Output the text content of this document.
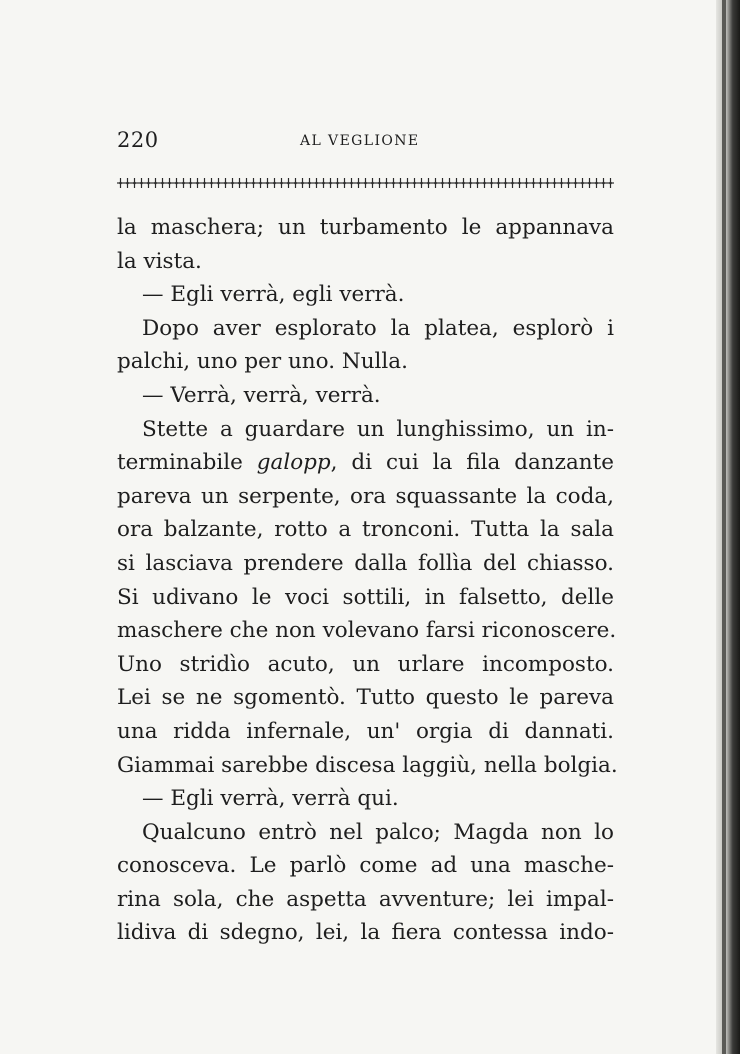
220	AL VEGLIONE
la maschera; un turbamento le appannava
la vista.
— Egli verrà, egli verrà.
Dopo aver esplorato la platea, esplorò i
palchi, uno per uno. Nulla.
— Verrà, verrà, verrà.
Stette a guardare un lunghissimo, un in-
terminabile galopp, di cui la fila danzante
pareva un serpente, ora squassante la coda,
ora balzante, rotto a tronconi. Tutta la sala
si lasciava prendere dalla follìa del chiasso.
Si udivano le voci sottili, in falsetto, delle
maschere che non volevano farsi riconoscere.
Uno stridìo acuto, un urlare incomposto.
Lei se ne sgomentò. Tutto questo le pareva
una ridda infernale, un' orgia di dannati.
Giammai sarebbe discesa laggiù, nella bolgia.
— Egli verrà, verrà qui.
Qualcuno entrò nel palco; Magda non lo
conosceva. Le parlò come ad una masche-
rina sola, che aspetta avventure; lei impal-
lidiva di sdegno, lei, la fiera contessa indo-
